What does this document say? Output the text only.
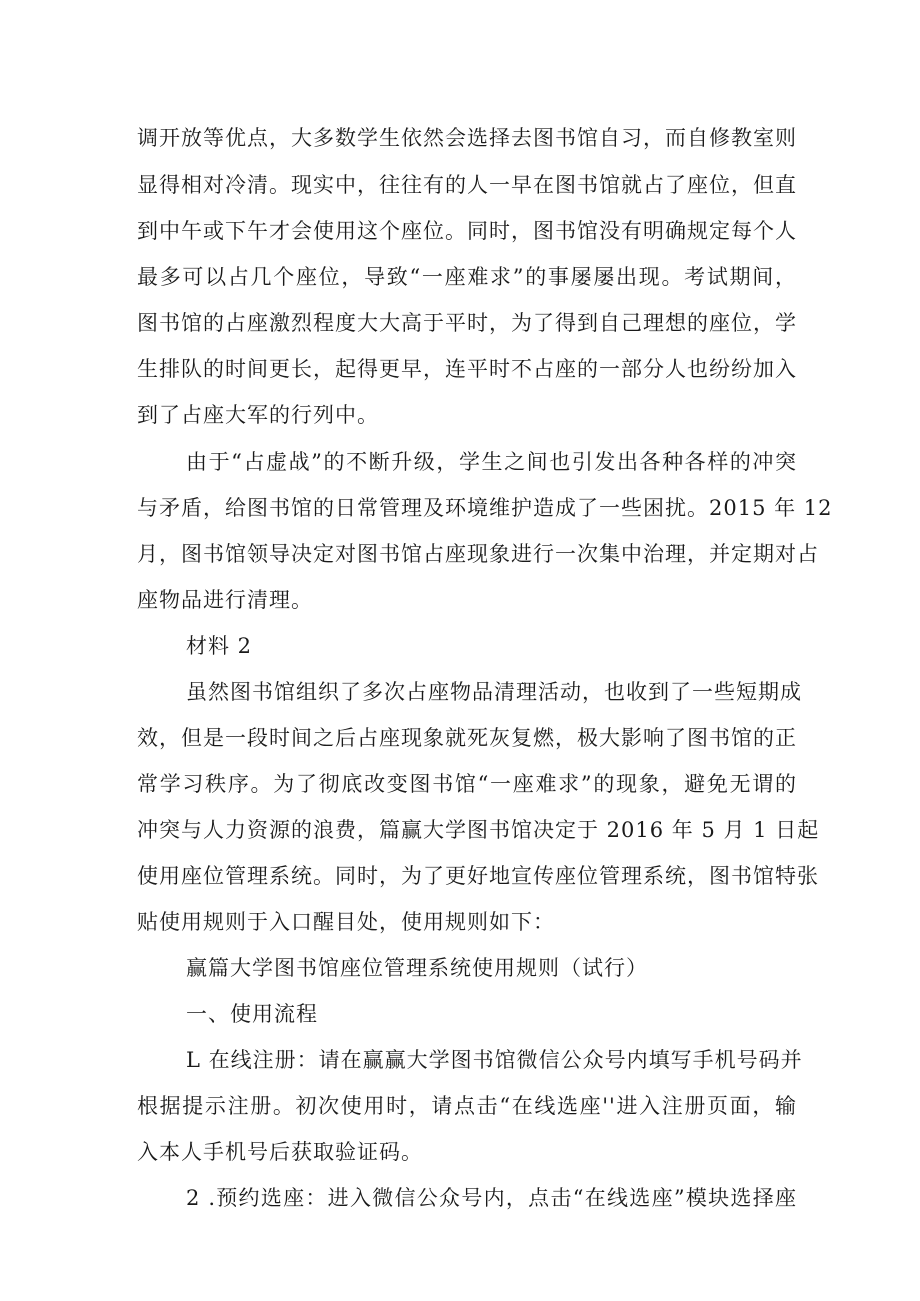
调开放等优点，大多数学生依然会选择去图书馆自习，而自修教室则
显得相对冷清。现实中，往往有的人一早在图书馆就占了座位，但直
到中午或下午才会使用这个座位。同时，图书馆没有明确规定每个人
最多可以占几个座位，导致“一座难求”的事屡屡出现。考试期间，
图书馆的占座激烈程度大大高于平时，为了得到自己理想的座位，学
生排队的时间更长，起得更早，连平时不占座的一部分人也纷纷加入
到了占座大军的行列中。
由于“占虚战”的不断升级，学生之间也引发出各种各样的冲突
与矛盾，给图书馆的日常管理及环境维护造成了一些困扰。2015 年 12
月，图书馆领导决定对图书馆占座现象进行一次集中治理，并定期对占
座物品进行清理。
材料 2
虽然图书馆组织了多次占座物品清理活动，也收到了一些短期成
效，但是一段时间之后占座现象就死灰复燃，极大影响了图书馆的正
常学习秩序。为了彻底改变图书馆“一座难求”的现象，避免无谓的
冲突与人力资源的浪费，篇赢大学图书馆决定于 2016 年 5 月 1 日起
使用座位管理系统。同时，为了更好地宣传座位管理系统，图书馆特张
贴使用规则于入口醒目处，使用规则如下：
赢篇大学图书馆座位管理系统使用规则（试行）
一、使用流程
L 在线注册：请在赢赢大学图书馆微信公众号内填写手机号码并
根据提示注册。初次使用时，请点击“在线选座''进入注册页面，输
入本人手机号后获取验证码。
2 .预约选座：进入微信公众号内，点击“在线选座”模块选择座
